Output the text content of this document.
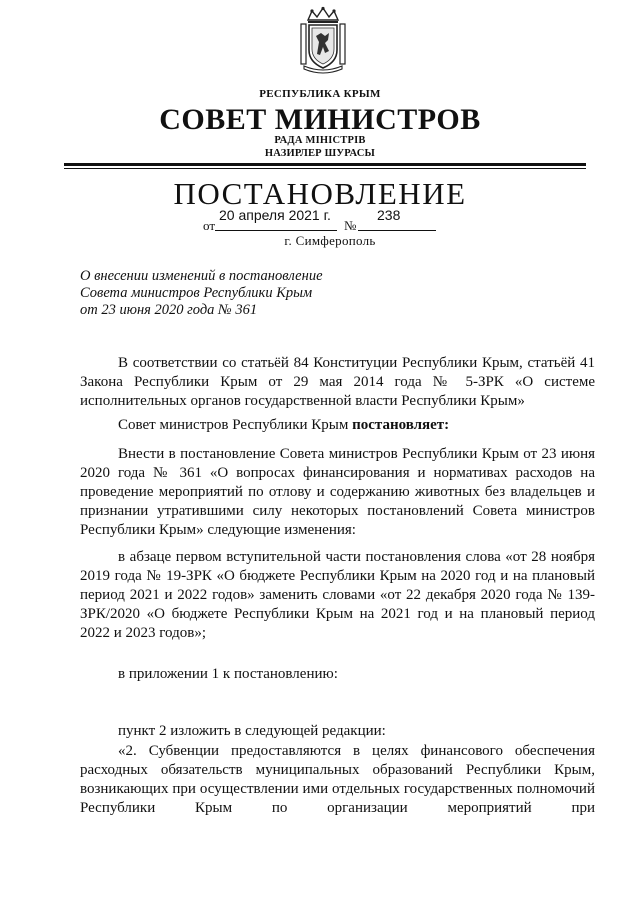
РЕСПУБЛИКА КРЫМ
СОВЕТ МИНИСТРОВ
РАДА МІНІСТРІВ
НАЗИРЛЕР ШУРАСЫ
ПОСТАНОВЛЕНИЕ
от
20 апреля 2021 г.
№
238
г. Симферополь
О внесении изменений в постановление
Совета министров Республики Крым
от 23 июня 2020 года № 361
В соответствии со статьёй 84 Конституции Республики Крым, статьёй 41 Закона Республики Крым от 29 мая 2014 года № 5-ЗРК «О системе исполнительных органов государственной власти Республики Крым»
Совет министров Республики Крым постановляет:
Внести в постановление Совета министров Республики Крым от 23 июня 2020 года № 361 «О вопросах финансирования и нормативах расходов на проведение мероприятий по отлову и содержанию животных без владельцев и признании утратившими силу некоторых постановлений Совета министров Республики Крым» следующие изменения:
в абзаце первом вступительной части постановления слова «от 28 ноября 2019 года № 19-ЗРК «О бюджете Республики Крым на 2020 год и на плановый период 2021 и 2022 годов» заменить словами «от 22 декабря 2020 года № 139-ЗРК/2020 «О бюджете Республики Крым на 2021 год и на плановый период 2022 и 2023 годов»;
в приложении 1 к постановлению:
пункт 2 изложить в следующей редакции:
«2. Субвенции предоставляются в целях финансового обеспечения расходных обязательств муниципальных образований Республики Крым, возникающих при осуществлении ими отдельных государственных полномочий Республики Крым по организации мероприятий при
